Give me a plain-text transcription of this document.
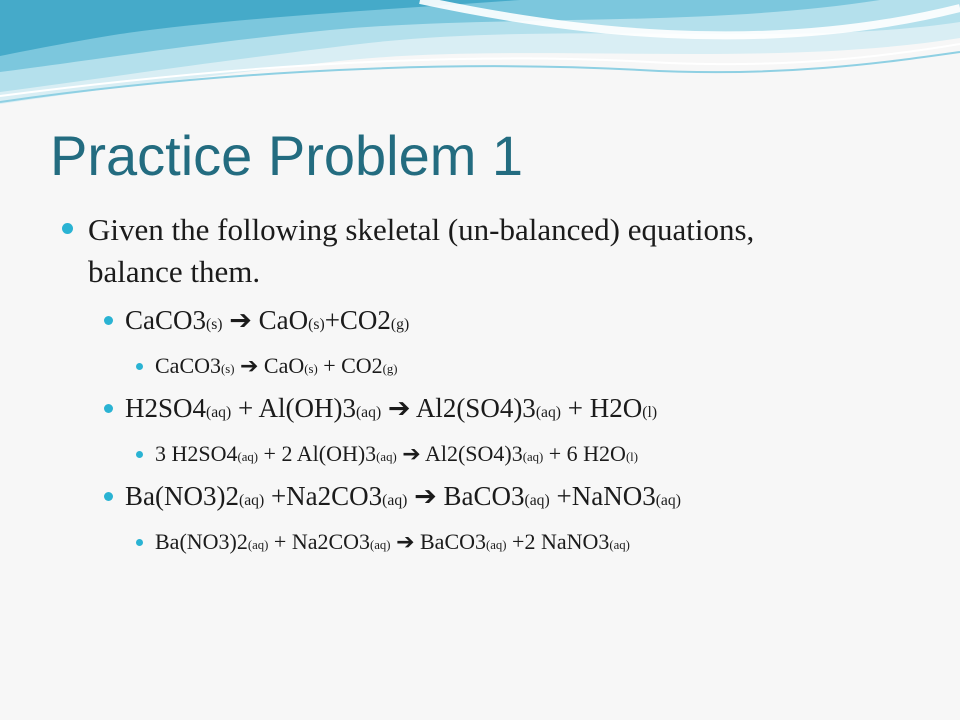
Practice Problem 1
Given the following skeletal (un-balanced) equations,
balance them.
CaCO3(s) ➔ CaO(s)+CO2(g)
CaCO3(s) ➔ CaO(s) + CO2(g)
H2SO4(aq) + Al(OH)3(aq) ➔ Al2(SO4)3(aq) + H2O(l)
3 H2SO4(aq) + 2 Al(OH)3(aq) ➔ Al2(SO4)3(aq) + 6 H2O(l)
Ba(NO3)2(aq) +Na2CO3(aq) ➔ BaCO3(aq) +NaNO3(aq)
Ba(NO3)2(aq) + Na2CO3(aq) ➔ BaCO3(aq) +2 NaNO3(aq)
